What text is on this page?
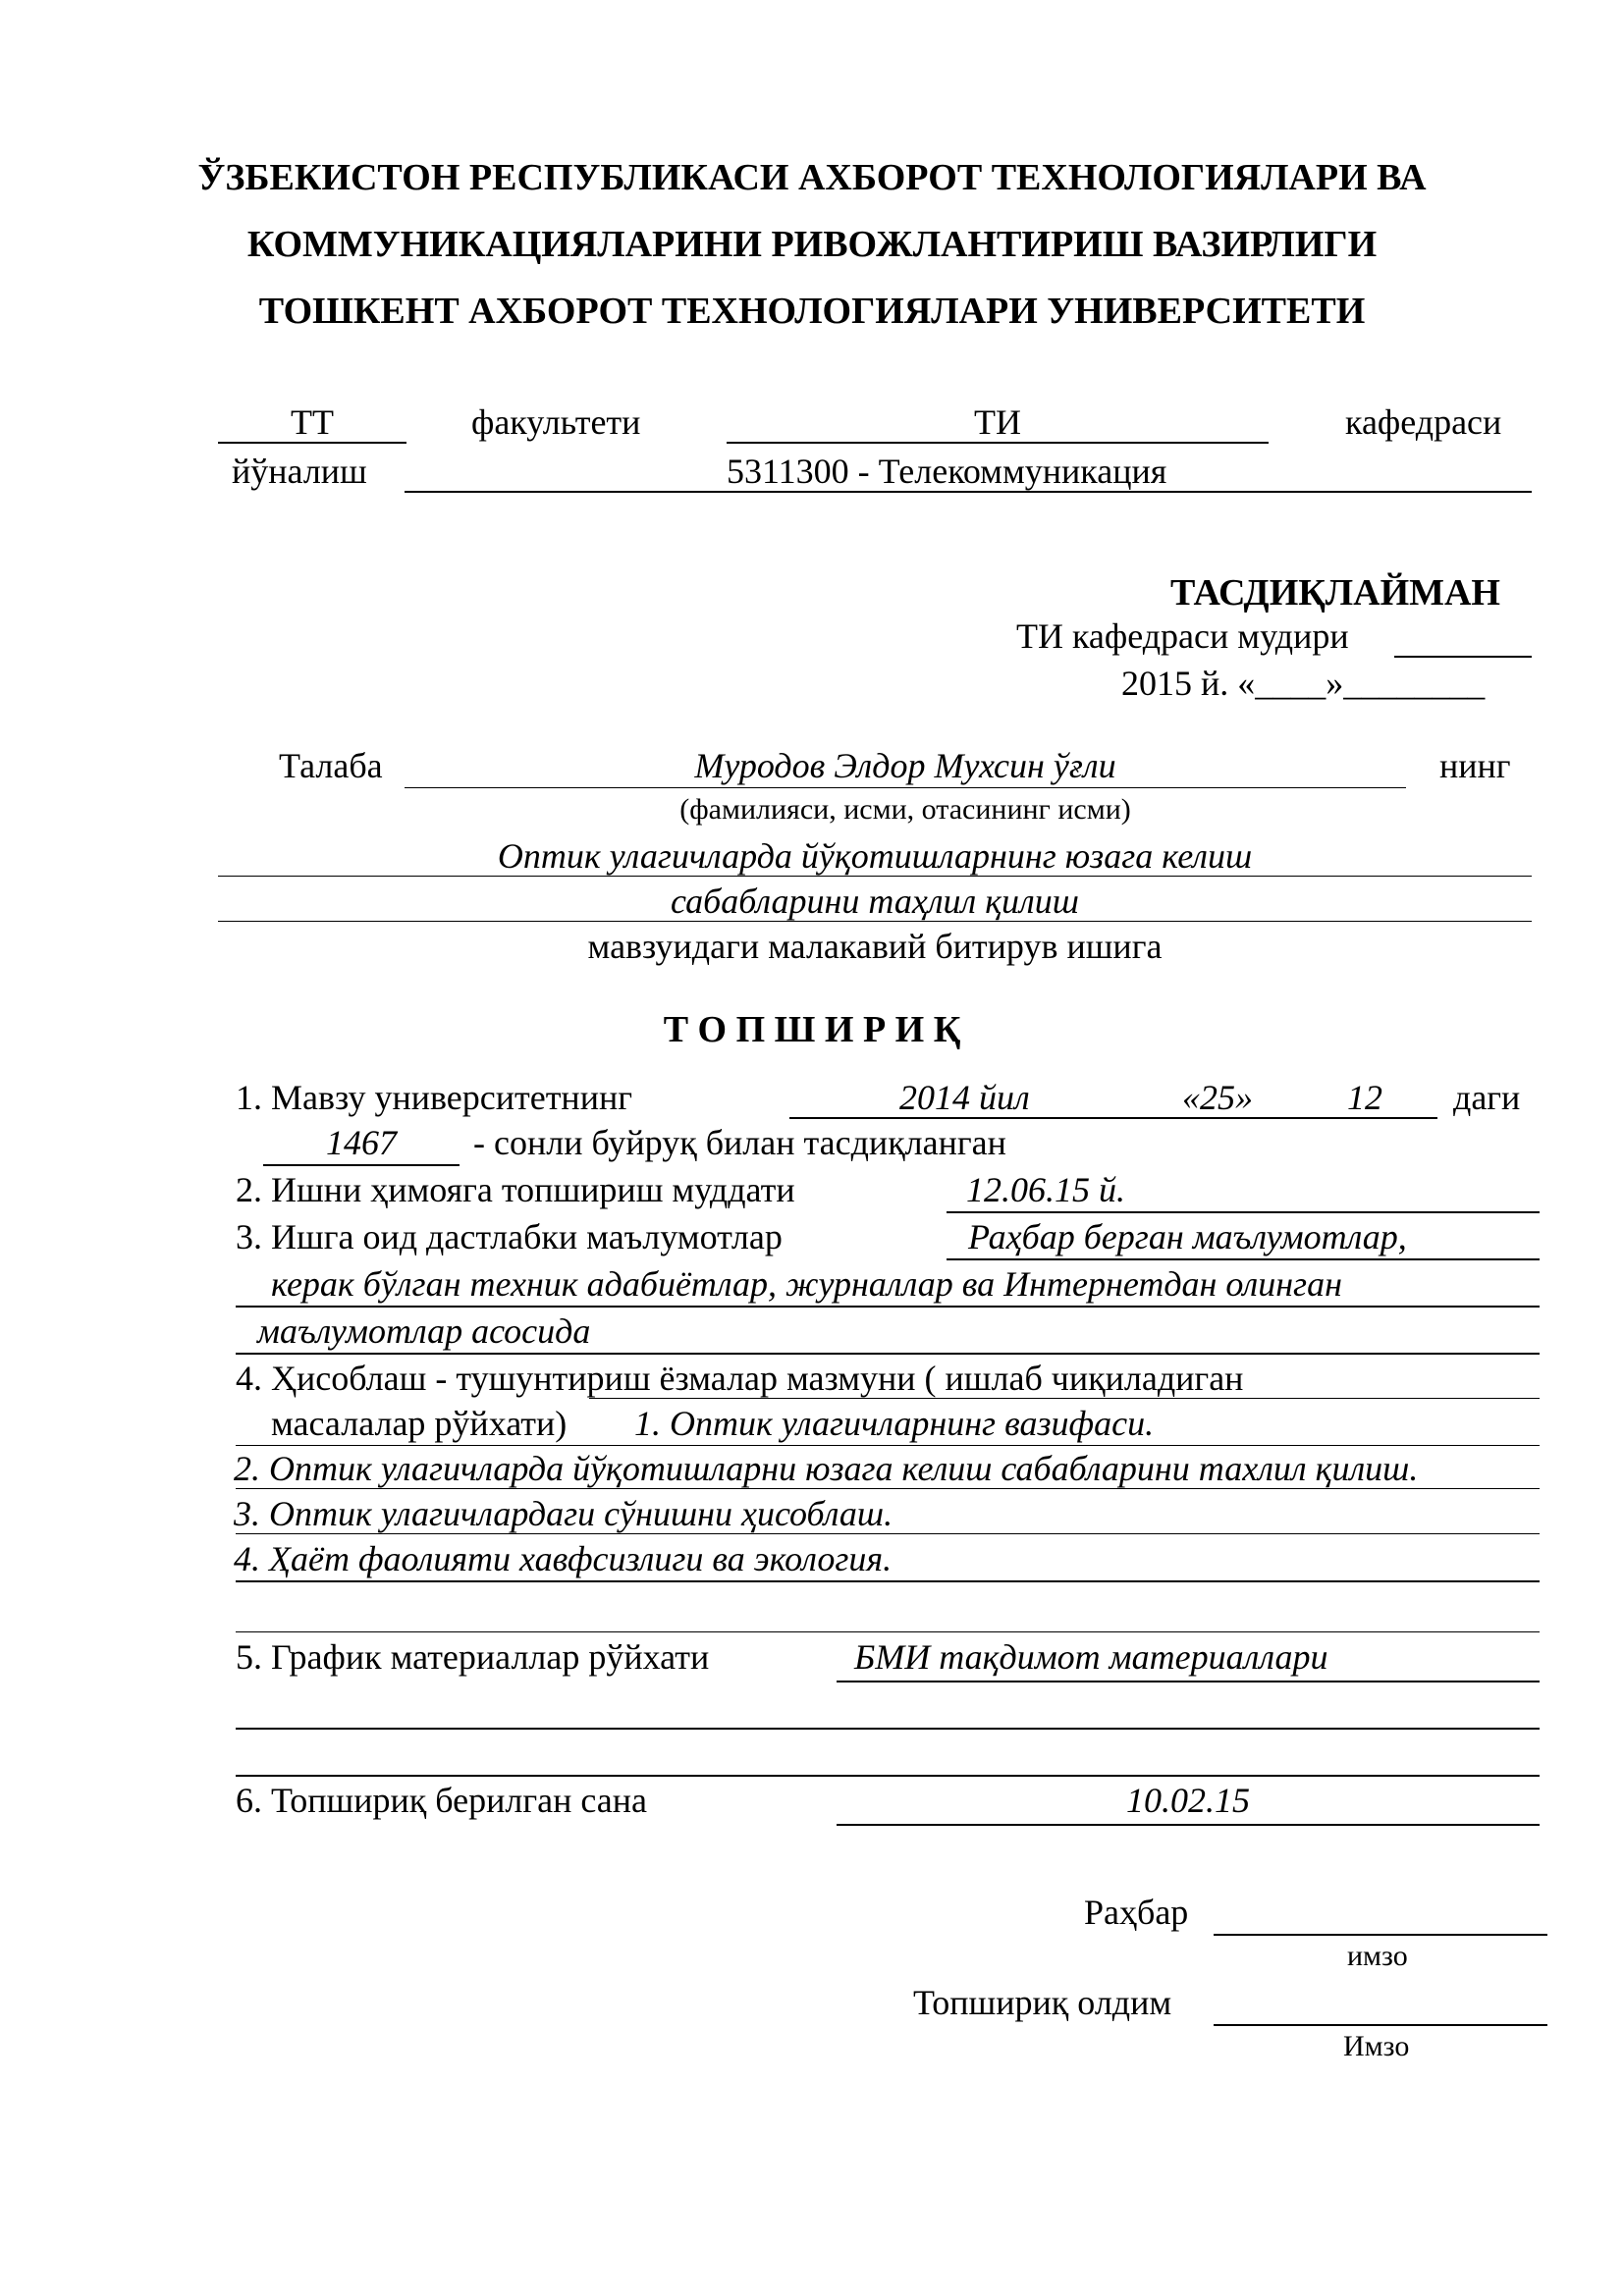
ЎЗБЕКИСТОН РЕСПУБЛИКАСИ АХБОРОТ ТЕХНОЛОГИЯЛАРИ ВА
КОММУНИКАЦИЯЛАРИНИ РИВОЖЛАНТИРИШ ВАЗИРЛИГИ
ТОШКЕНТ АХБОРОТ ТЕХНОЛОГИЯЛАРИ УНИВЕРСИТЕТИ
ТТ	факультети	ТИ	кафедраси
йўналиш	5311300 - Телекоммуникация
ТАСДИҚЛАЙМАН
ТИ кафедраси мудири
2015 й. «____»________
Талаба	Муродов Элдор Мухсин ўғли	нинг
(фамилияси, исми, отасининг исми)
Оптик улагичларда йўқотишларнинг юзага келиш
сабабларини таҳлил қилиш
мавзуидаги малакавий битирув ишига
Т О П Ш И Р И Қ
1. Мавзу университетнинг	2014 йил	«25»	12 даги
1467	- сонли буйруқ билан тасдиқланган
2. Ишни ҳимояга топшириш муддати	12.06.15 й.
3. Ишга оид дастлабки маълумотлар	Раҳбар берган маълумотлар,
керак бўлган техник адабиётлар, журналлар ва Интернетдан олинган
маълумотлар асосида
4. Ҳисоблаш - тушунтириш ёзмалар мазмуни ( ишлаб чиқиладиган
масалалар рўйхати) 1. Оптик улагичларнинг вазифаси.
2. Оптик улагичларда йўқотишларни юзага келиш сабабларини тахлил қилиш.
3. Оптик улагичлардаги сўнишни ҳисоблаш.
4. Ҳаёт фаолияти хавфсизлиги ва экология.
5. График материаллар рўйхати	БМИ тақдимот материаллари
6. Топшириқ берилган сана	10.02.15
Раҳбар
имзо
Топшириқ олдим
Имзо
